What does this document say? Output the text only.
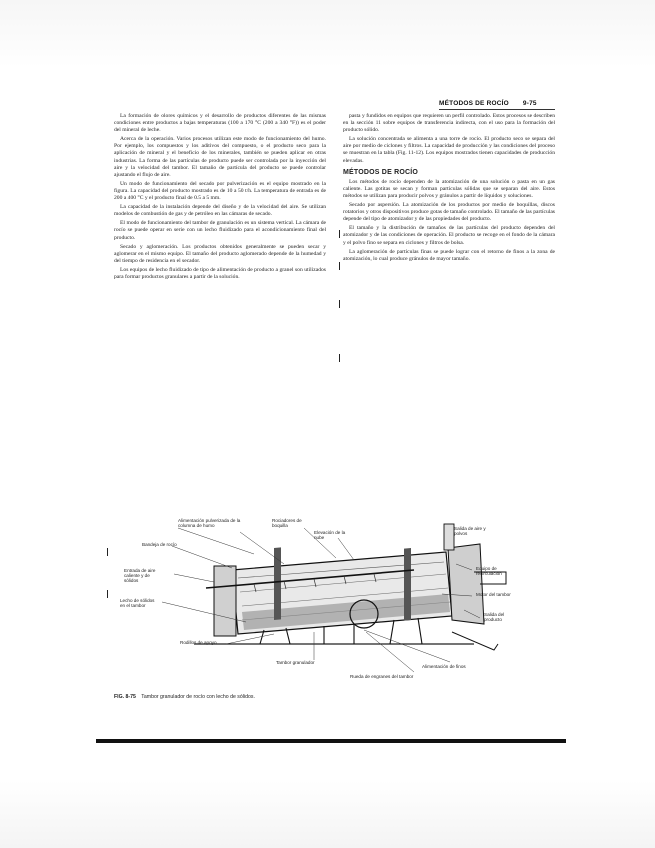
MÉTODOS DE ROCÍO 9-75

La formación de olores químicos y el desarrollo de productos diferentes de las mismas condiciones entre productos a bajas temperaturas (100 a 170 °C (200 a 340 °F)) es el poder del mineral de leche.

Acerca de la operación. Varios procesos utilizan este modo de funcionamiento del humo. Por ejemplo, los compuestos y los aditivos del compuesto, o el producto seco para la aplicación de mineral y el beneficio de los minerales, también se pueden aplicar en otras industrias. La forma de las partículas de producto puede ser controlada por la inyección del aire y la velocidad del tambor. El tamaño de partícula del producto se puede controlar ajustando el flujo de aire.

Un modo de funcionamiento del secado por pulverización es el equipo mostrado en la figura. La capacidad del producto mostrado es de 10 a 50 t/h. La temperatura de entrada es de 200 a 400 °C y el producto final de 0.5 a 5 mm.

La capacidad de la instalación depende del diseño y de la velocidad del aire. Se utilizan modelos de combustión de gas y de petróleo en las cámaras de secado.

El modo de funcionamiento del tambor de granulación es un sistema vertical. La cámara de rocío se puede operar en serie con un lecho fluidizado para el acondicionamiento final del producto.

Secado y aglomeración. Los productos obtenidos generalmente se pueden secar y aglomerar en el mismo equipo. El tamaño del producto aglomerado depende de la humedad y del tiempo de residencia en el secador.

Los equipos de lecho fluidizado de tipo de alimentación de producto a granel son utilizados para formar productos granulares a partir de la solución.

pasta y fundidos en equipos que requieren un perfil controlado. Estos procesos se describen en la sección 11 sobre equipos de transferencia indirecta, con el uso para la formación del producto sólido.

La solución concentrada se alimenta a una torre de rocío. El producto seco se separa del aire por medio de ciclones y filtros. La capacidad de producción y las condiciones del proceso se muestran en la tabla (Fig. 11-12). Los equipos mostrados tienen capacidades de producción elevadas.

MÉTODOS DE ROCÍO

Los métodos de rocío dependen de la atomización de una solución o pasta en un gas caliente. Las gotitas se secan y forman partículas sólidas que se separan del aire. Estos métodos se utilizan para producir polvos y gránulos a partir de líquidos y soluciones.

Secado por aspersión. La atomización de los productos por medio de boquillas, discos rotatorios y otros dispositivos produce gotas de tamaño controlado. El tamaño de las partículas depende del tipo de atomizador y de las propiedades del producto.

El tamaño y la distribución de tamaños de las partículas del producto dependen del atomizador y de las condiciones de operación. El producto se recoge en el fondo de la cámara y el polvo fino se separa en ciclones y filtros de bolsa.

La aglomeración de partículas finas se puede lograr con el retorno de finos a la zona de atomización, lo cual produce gránulos de mayor tamaño.

Alimentación pulverizada de la
columna de humo
Rociadores de
boquilla
Bandeja de rocío
Elevación de la
nube
Salida de aire y
polvos
Entrada de aire
caliente y de
sólidos
Lecho de sólidos
en el tambor
Rodillos de apoyo
Tambor granulador
Salida del
producto
Equipo de
recirculación
Motor del tambor
Alimentación de finos
Rueda de engranes del tambor
FIG. 8-75 Tambor granulador de rocío con lecho de sólidos.
